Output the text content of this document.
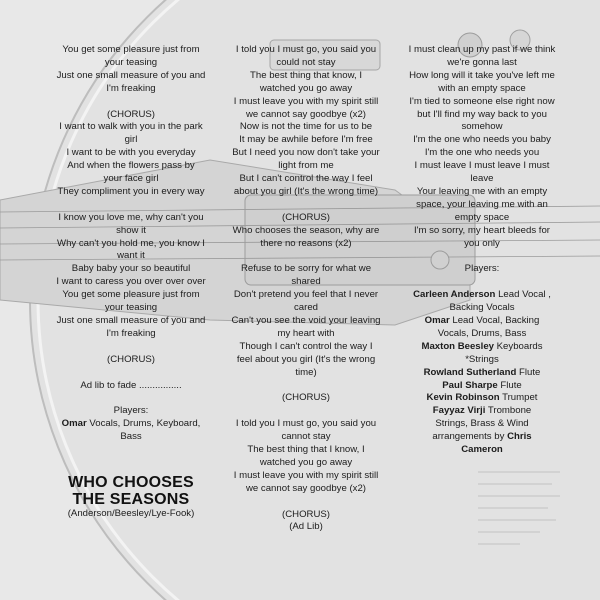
You get some pleasure just from

your teasing

Just one small measure of you and

I'm freaking

(CHORUS)

I want to walk with you in the park

girl

I want to be with you everyday

And when the flowers pass by

your face girl

They compliment you in every way

I know you love me, why can't you

show it

Why can't you hold me, you know I

want it

Baby baby your so beautiful

I want to caress you over over over

You get some pleasure just from

your teasing

Just one small measure of you and

I'm freaking

(CHORUS)

Ad lib to fade ................

Players:

Omar Vocals, Drums, Keyboard,

Bass

WHO CHOOSES

THE SEASONS

(Anderson/Beesley/Lye-Fook)

I told you I must go, you said you

could not stay

The best thing that know, I

watched you go away

I must leave you with my spirit still

we cannot say goodbye (x2)

Now is not the time for us to be

It may be awhile before I'm free

But I need you now don't take your

light from me

But I can't control the way I feel

about you girl (It's the wrong time)

(CHORUS)

Who chooses the season, why are

there no reasons (x2)

Refuse to be sorry for what we

shared

Don't pretend you feel that I never

cared

Can't you see the void your leaving

my heart with

Though I can't control the way I

feel about you girl (It's the wrong

time)

(CHORUS)

I told you I must go, you said you

cannot stay

The best thing that I know, I

watched you go away

I must leave you with my spirit still

we cannot say goodbye (x2)

(CHORUS)

(Ad Lib)

I must clean up my past if we think

we're gonna last

How long will it take you've left me

with an empty space

I'm tied to someone else right now

but I'll find my way back to you

somehow

I'm the one who needs you baby

I'm the one who needs you

I must leave I must leave I must

leave

Your leaving me with an empty

space, your leaving me with an

empty space

I'm so sorry, my heart bleeds for

you only

Players:

Carleen Anderson Lead Vocal ,

Backing Vocals

Omar Lead Vocal, Backing

Vocals, Drums, Bass

Maxton Beesley Keyboards

*Strings

Rowland Sutherland Flute

Paul Sharpe Flute

Kevin Robinson Trumpet

Fayyaz Virji Trombone

Strings, Brass & Wind

arrangements by Chris

Cameron
